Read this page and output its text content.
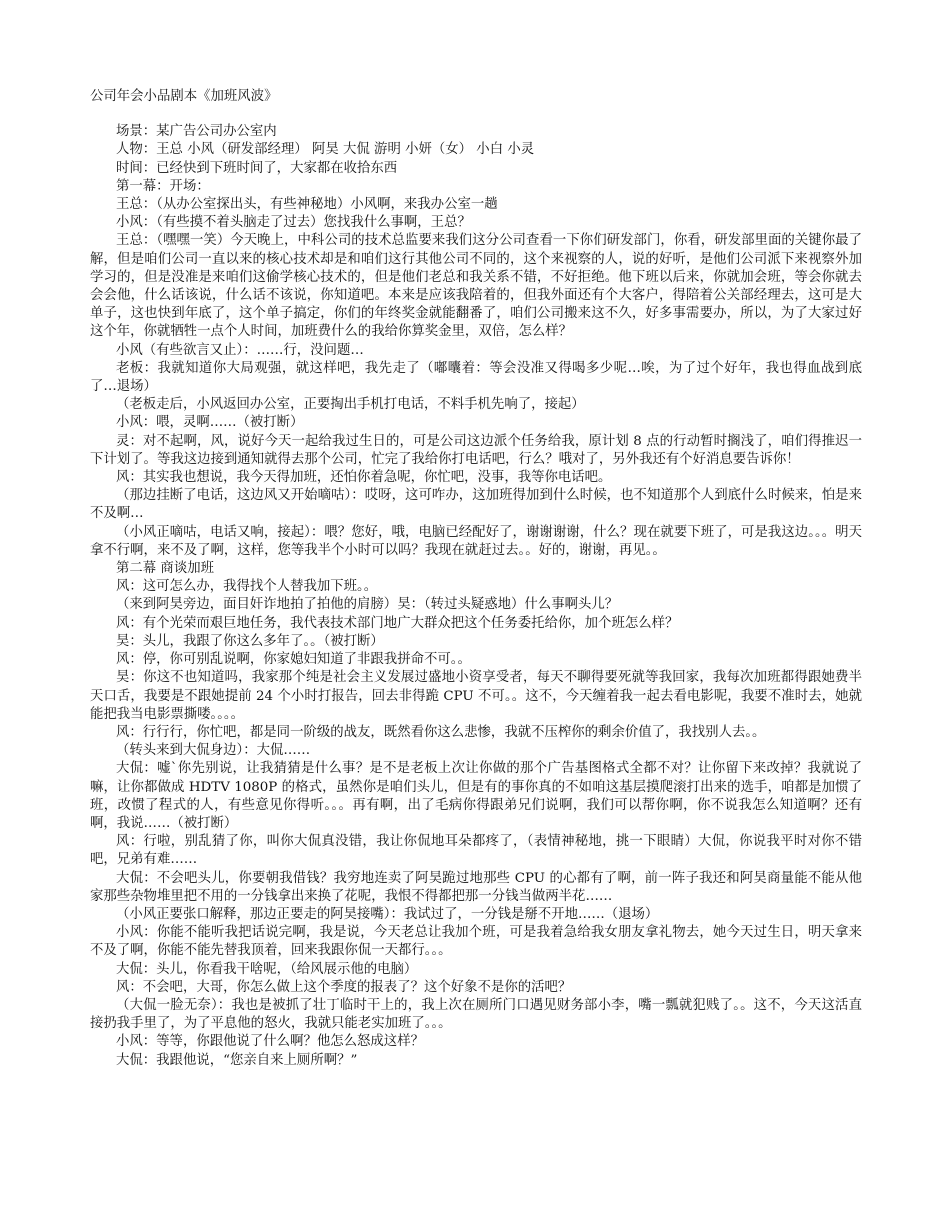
公司年会小品剧本《加班风波》

场景：某广告公司办公室内

人物：王总 小风（研发部经理） 阿昊 大侃 游明 小妍（女） 小白 小灵

时间：已经快到下班时间了，大家都在收拾东西

第一幕：开场：

王总：（从办公室探出头，有些神秘地）小风啊，来我办公室一趟

小风：（有些摸不着头脑走了过去）您找我什么事啊，王总？

王总：（嘿嘿一笑）今天晚上，中科公司的技术总监要来我们这分公司查看一下你们研发部门，你看，研发部里面的关键你最了解，但是咱们公司一直以来的核心技术却是和咱们这行其他公司不同的，这个来视察的人，说的好听，是他们公司派下来视察外加学习的，但是没准是来咱们这偷学核心技术的，但是他们老总和我关系不错，不好拒绝。他下班以后来，你就加会班，等会你就去会会他，什么话该说，什么话不该说，你知道吧。本来是应该我陪着的，但我外面还有个大客户，得陪着公关部经理去，这可是大单子，这也快到年底了，这个单子搞定，你们的年终奖金就能翻番了，咱们公司搬来这不久，好多事需要办，所以，为了大家过好这个年，你就牺牲一点个人时间，加班费什么的我给你算奖金里，双倍，怎么样？

小风（有些欲言又止）：……行，没问题…

老板：我就知道你大局观强，就这样吧，我先走了（嘟囔着：等会没准又得喝多少呢…唉，为了过个好年，我也得血战到底了…退场）

（老板走后，小风返回办公室，正要掏出手机打电话，不料手机先响了，接起）

小风：喂，灵啊……（被打断）

灵：对不起啊，风，说好今天一起给我过生日的，可是公司这边派个任务给我，原计划 8 点的行动暂时搁浅了，咱们得推迟一下计划了。等我这边接到通知就得去那个公司，忙完了我给你打电话吧，行么？哦对了，另外我还有个好消息要告诉你！

风：其实我也想说，我今天得加班，还怕你着急呢，你忙吧，没事，我等你电话吧。

（那边挂断了电话，这边风又开始嘀咕）：哎呀，这可咋办，这加班得加到什么时候，也不知道那个人到底什么时候来，怕是来不及啊…

（小风正嘀咕，电话又响，接起）：喂？您好，哦，电脑已经配好了，谢谢谢谢，什么？现在就要下班了，可是我这边。。。明天拿不行啊，来不及了啊，这样，您等我半个小时可以吗？我现在就赶过去。。好的，谢谢，再见。。

第二幕 商谈加班

风：这可怎么办，我得找个人替我加下班。。

（来到阿昊旁边，面目奸诈地拍了拍他的肩膀）昊：（转过头疑惑地）什么事啊头儿？

风：有个光荣而艰巨地任务，我代表技术部门地广大群众把这个任务委托给你，加个班怎么样？

昊：头儿，我跟了你这么多年了。。（被打断）

风：停，你可别乱说啊，你家媳妇知道了非跟我拼命不可。。

昊：你这不也知道吗，我家那个纯是社会主义发展过盛地小资享受者，每天不聊得要死就等我回家，我每次加班都得跟她费半天口舌，我要是不跟她提前 24 个小时打报告，回去非得跪 CPU 不可。。这不，今天缠着我一起去看电影呢，我要不准时去，她就能把我当电影票撕喽。。。。

风：行行行，你忙吧，都是同一阶级的战友，既然看你这么悲惨，我就不压榨你的剩余价值了，我找别人去。。

（转头来到大侃身边）：大侃……

大侃：嘘`你先别说，让我猜猜是什么事？是不是老板上次让你做的那个广告基图格式全都不对？让你留下来改掉？我就说了嘛，让你都做成 HDTV 1080P 的格式，虽然你是咱们头儿，但是有的事你真的不如咱这基层摸爬滚打出来的选手，咱都是加惯了班，改惯了程式的人，有些意见你得听。。。再有啊，出了毛病你得跟弟兄们说啊，我们可以帮你啊，你不说我怎么知道啊？还有啊，我说……（被打断）

风：行啦，别乱猜了你，叫你大侃真没错，我让你侃地耳朵都疼了，（表情神秘地，挑一下眼睛）大侃，你说我平时对你不错吧，兄弟有难……

大侃：不会吧头儿，你要朝我借钱？我穷地连卖了阿昊跪过地那些 CPU 的心都有了啊，前一阵子我还和阿昊商量能不能从他家那些杂物堆里把不用的一分钱拿出来换了花呢，我恨不得都把那一分钱当做两半花……

（小风正要张口解释，那边正要走的阿昊接嘴）：我试过了，一分钱是掰不开地……（退场）

小风：你能不能听我把话说完啊，我是说，今天老总让我加个班，可是我着急给我女朋友拿礼物去，她今天过生日，明天拿来不及了啊，你能不能先替我顶着，回来我跟你侃一天都行。。。

大侃：头儿，你看我干啥呢，（给风展示他的电脑）

风：不会吧，大哥，你怎么做上这个季度的报表了？这个好象不是你的活吧？

（大侃一脸无奈）：我也是被抓了壮丁临时干上的，我上次在厕所门口遇见财务部小李，嘴一瓢就犯贱了。。这不，今天这活直接扔我手里了，为了平息他的怒火，我就只能老实加班了。。。

小风：等等，你跟他说了什么啊？他怎么怒成这样？

大侃：我跟他说，“您亲自来上厕所啊？”
